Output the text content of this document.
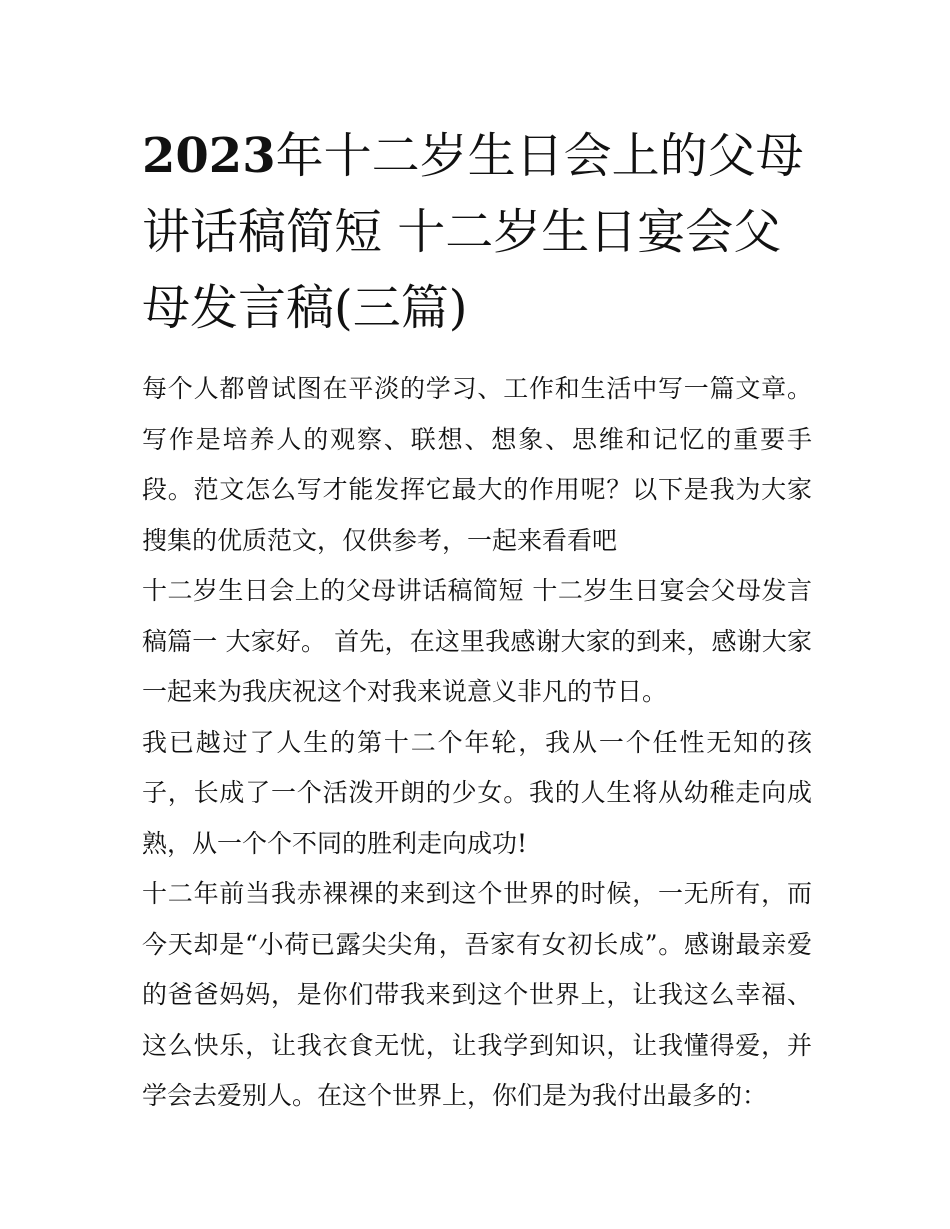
2023年十二岁生日会上的父母讲话稿简短 十二岁生日宴会父母发言稿(三篇)

每个人都曾试图在平淡的学习、工作和生活中写一篇文章。写作是培养人的观察、联想、想象、思维和记忆的重要手段。范文怎么写才能发挥它最大的作用呢？以下是我为大家搜集的优质范文，仅供参考，一起来看看吧

十二岁生日会上的父母讲话稿简短 十二岁生日宴会父母发言稿篇一 大家好。 首先，在这里我感谢大家的到来，感谢大家一起来为我庆祝这个对我来说意义非凡的节日。

我已越过了人生的第十二个年轮，我从一个任性无知的孩子，长成了一个活泼开朗的少女。我的人生将从幼稚走向成熟，从一个个不同的胜利走向成功!

十二年前当我赤裸裸的来到这个世界的时候，一无所有，而今天却是“小荷已露尖尖角，吾家有女初长成”。感谢最亲爱的爸爸妈妈，是你们带我来到这个世界上，让我这么幸福、这么快乐，让我衣食无忧，让我学到知识，让我懂得爱，并学会去爱别人。在这个世界上，你们是为我付出最多的：
